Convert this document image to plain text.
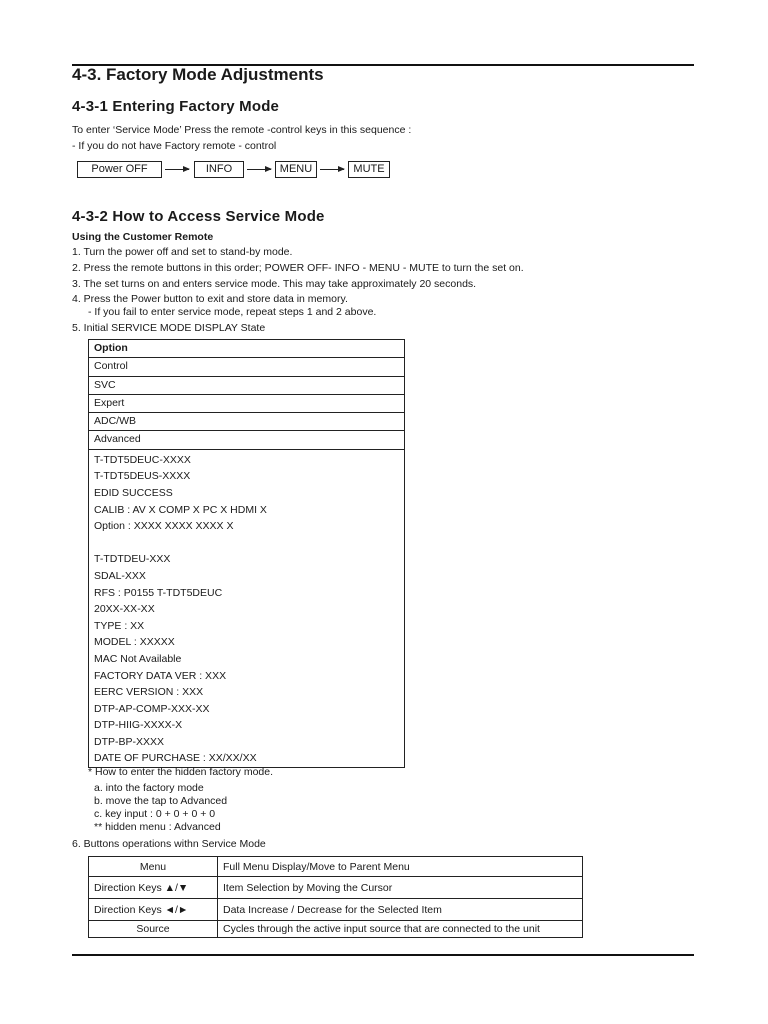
4-3. Factory Mode Adjustments
4-3-1 Entering Factory Mode

To enter ‘Service Mode’ Press the remote -control keys in this sequence :

- If you do not have Factory remote - control

Power OFF	INFO	MENU	MUTE
4-3-2 How to Access Service Mode

Using the Customer Remote

1. Turn the power off and set to stand-by mode.

2. Press the remote buttons in this order; POWER OFF- INFO - MENU - MUTE to turn the set on.

3. The set turns on and enters service mode. This may take approximately 20 seconds.

4. Press the Power button to exit and store data in memory.

- If you fail to enter service mode, repeat steps 1 and 2 above.

5. Initial SERVICE MODE DISPLAY State

Option
Control
SVC
Expert
ADC/WB
Advanced
T-TDT5DEUC-XXXX
T-TDT5DEUS-XXXX
EDID SUCCESS
CALIB : AV X COMP X PC X HDMI X
Option : XXXX XXXX XXXX X
T-TDTDEU-XXX
SDAL-XXX
RFS : P0155 T-TDT5DEUC
20XX-XX-XX
TYPE : XX
MODEL : XXXXX
MAC Not Available
FACTORY DATA VER : XXX
EERC VERSION : XXX
DTP-AP-COMP-XXX-XX
DTP-HIIG-XXXX-X
DTP-BP-XXXX
DATE OF PURCHASE : XX/XX/XX

* How to enter the hidden factory mode.

a. into the factory mode

b. move the tap to Advanced

c. key input : 0 + 0 + 0 + 0

** hidden menu : Advanced

6. Buttons operations withn Service Mode

Menu	Full Menu Display/Move to Parent Menu
Direction Keys ▲/▼	Item Selection by Moving the Cursor
Direction Keys ◄/►	Data Increase / Decrease for the Selected Item
Source	Cycles through the active input source that are connected to the unit
